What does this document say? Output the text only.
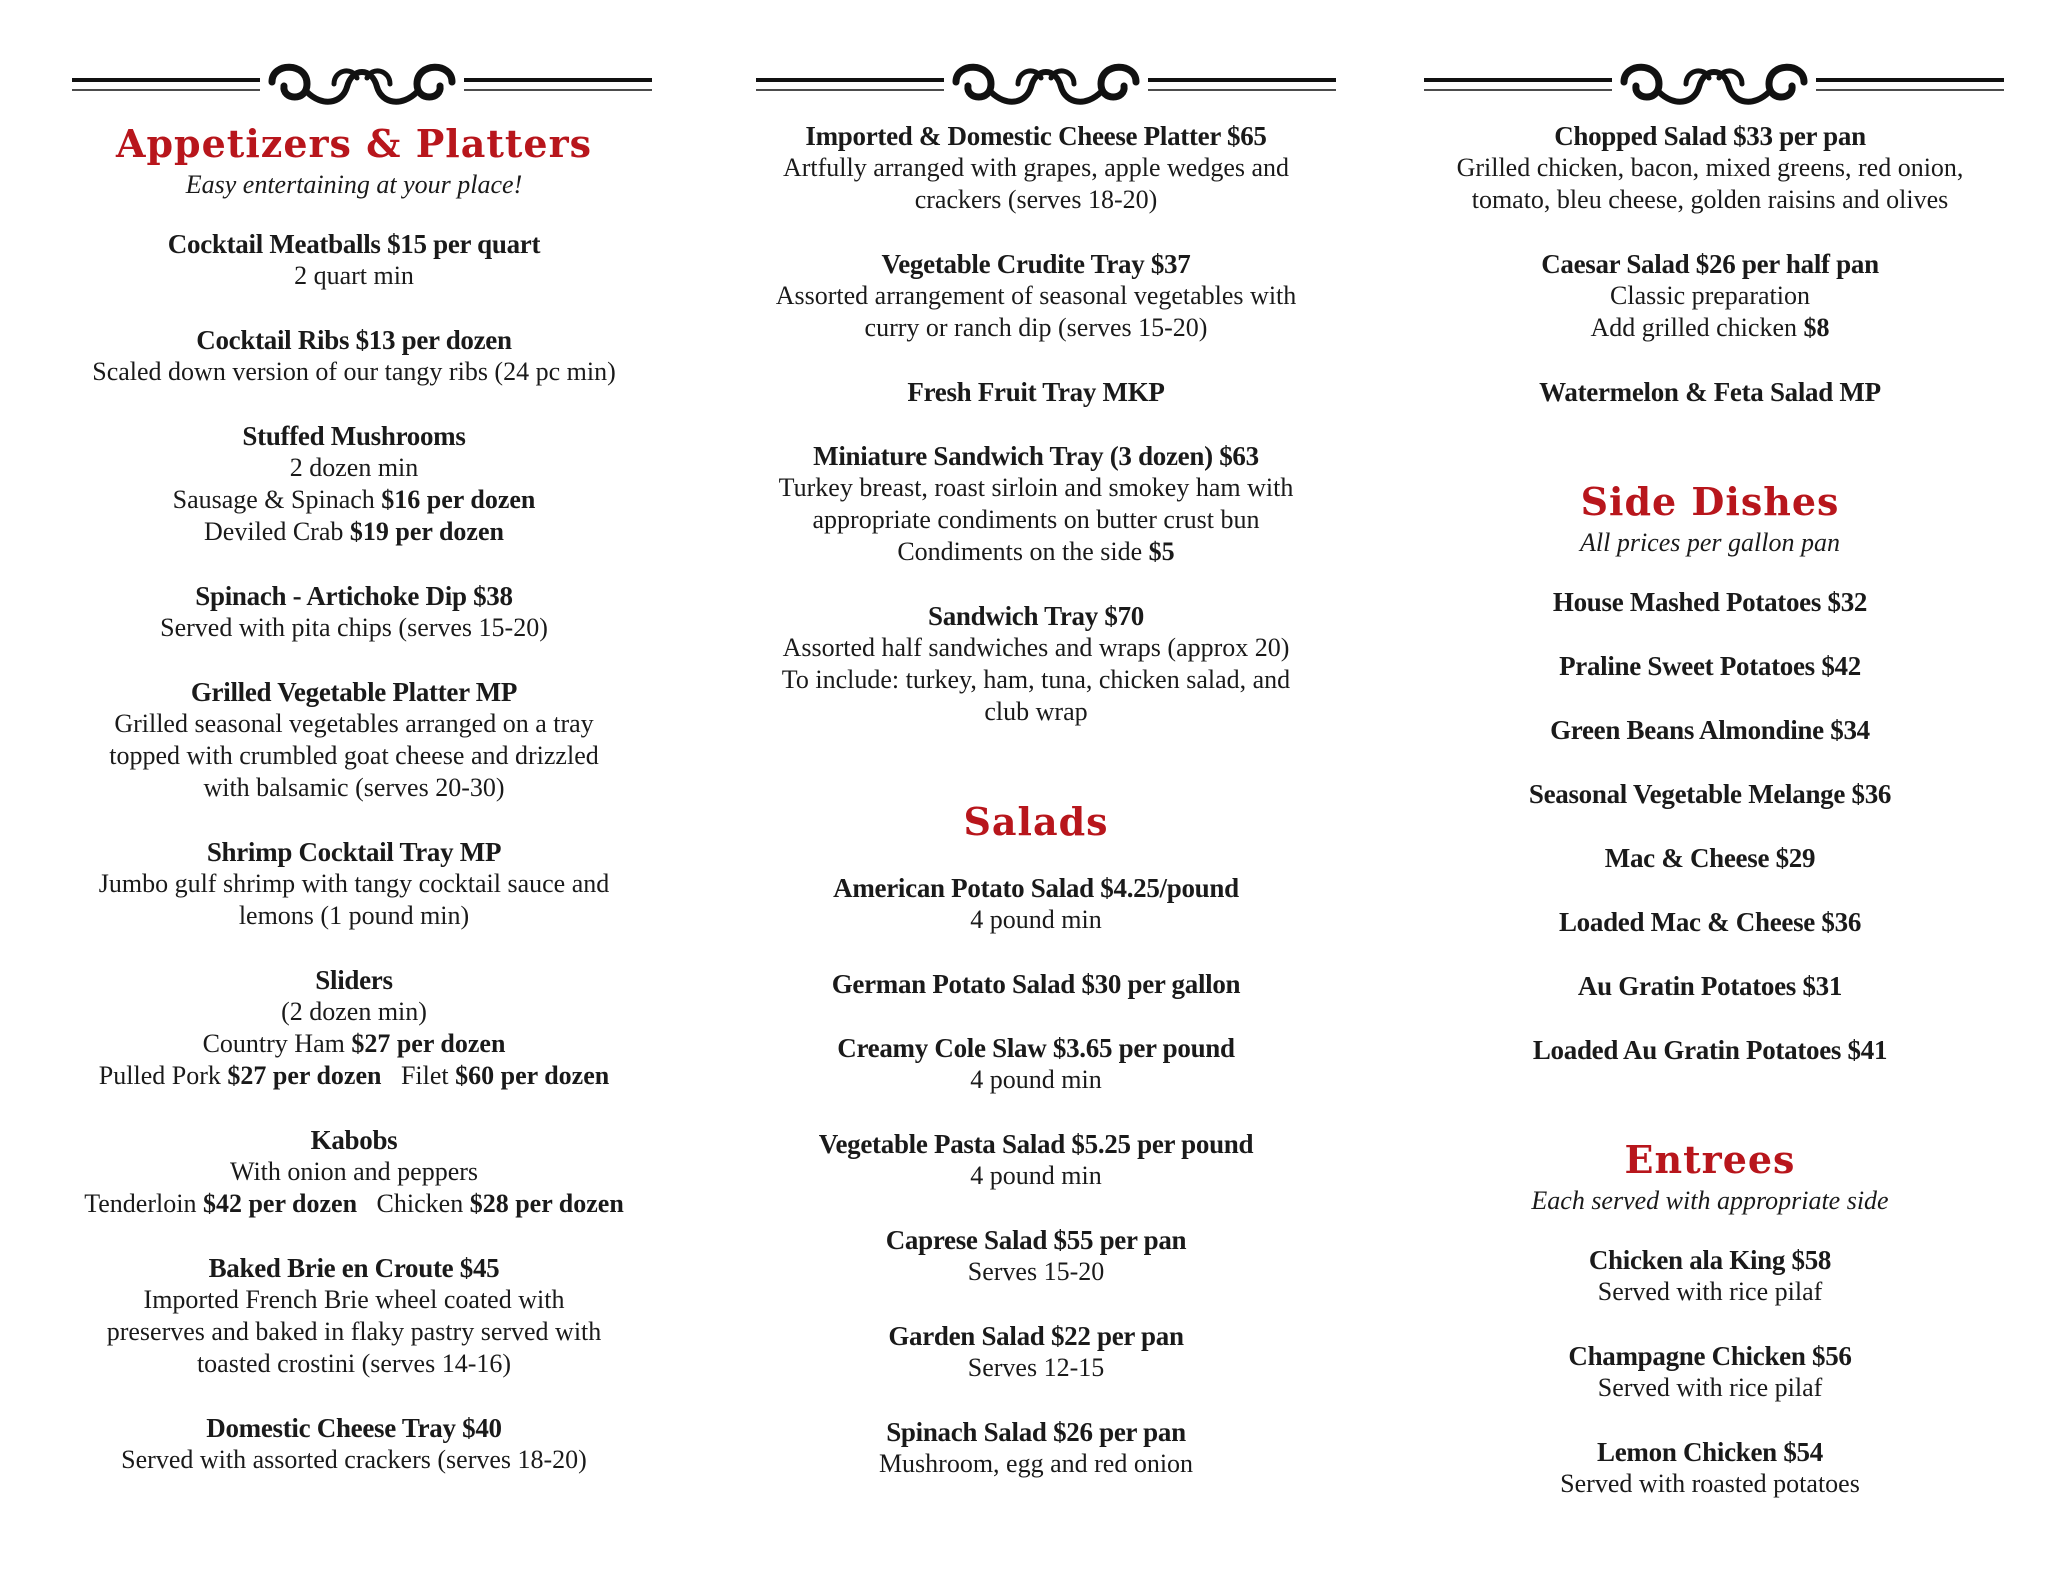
Appetizers & Platters

Easy entertaining at your place!

Cocktail Meatballs $15 per quart
2 quart min
Cocktail Ribs $13 per dozen
Scaled down version of our tangy ribs (24 pc min)
Stuffed Mushrooms
2 dozen min
Sausage & Spinach $16 per dozen
Deviled Crab $19 per dozen
Spinach - Artichoke Dip $38
Served with pita chips (serves 15-20)
Grilled Vegetable Platter MP
Grilled seasonal vegetables arranged on a tray
topped with crumbled goat cheese and drizzled
with balsamic (serves 20-30)
Shrimp Cocktail Tray MP
Jumbo gulf shrimp with tangy cocktail sauce and
lemons (1 pound min)
Sliders
(2 dozen min)
Country Ham $27 per dozen
Pulled Pork $27 per dozen   Filet $60 per dozen
Kabobs
With onion and peppers
Tenderloin $42 per dozen   Chicken $28 per dozen
Baked Brie en Croute $45
Imported French Brie wheel coated with
preserves and baked in flaky pastry served with
toasted crostini (serves 14-16)
Domestic Cheese Tray $40
Served with assorted crackers (serves 18-20)
Imported & Domestic Cheese Platter $65
Artfully arranged with grapes, apple wedges and
crackers (serves 18-20)
Vegetable Crudite Tray $37
Assorted arrangement of seasonal vegetables with
curry or ranch dip (serves 15-20)
Fresh Fruit Tray MKP
Miniature Sandwich Tray (3 dozen) $63
Turkey breast, roast sirloin and smokey ham with
appropriate condiments on butter crust bun
Condiments on the side $5
Sandwich Tray $70
Assorted half sandwiches and wraps (approx 20)
To include: turkey, ham, tuna, chicken salad, and
club wrap
Salads
American Potato Salad $4.25/pound
4 pound min
German Potato Salad $30 per gallon
Creamy Cole Slaw $3.65 per pound
4 pound min
Vegetable Pasta Salad $5.25 per pound
4 pound min
Caprese Salad $55 per pan
Serves 15-20
Garden Salad $22 per pan
Serves 12-15
Spinach Salad $26 per pan
Mushroom, egg and red onion
Chopped Salad $33 per pan
Grilled chicken, bacon, mixed greens, red onion,
tomato, bleu cheese, golden raisins and olives
Caesar Salad $26 per half pan
Classic preparation
Add grilled chicken $8
Watermelon & Feta Salad MP
Side Dishes

All prices per gallon pan

House Mashed Potatoes $32
Praline Sweet Potatoes $42
Green Beans Almondine $34
Seasonal Vegetable Melange $36
Mac & Cheese $29
Loaded Mac & Cheese $36
Au Gratin Potatoes $31
Loaded Au Gratin Potatoes $41
Entrees

Each served with appropriate side

Chicken ala King $58
Served with rice pilaf
Champagne Chicken $56
Served with rice pilaf
Lemon Chicken $54
Served with roasted potatoes
